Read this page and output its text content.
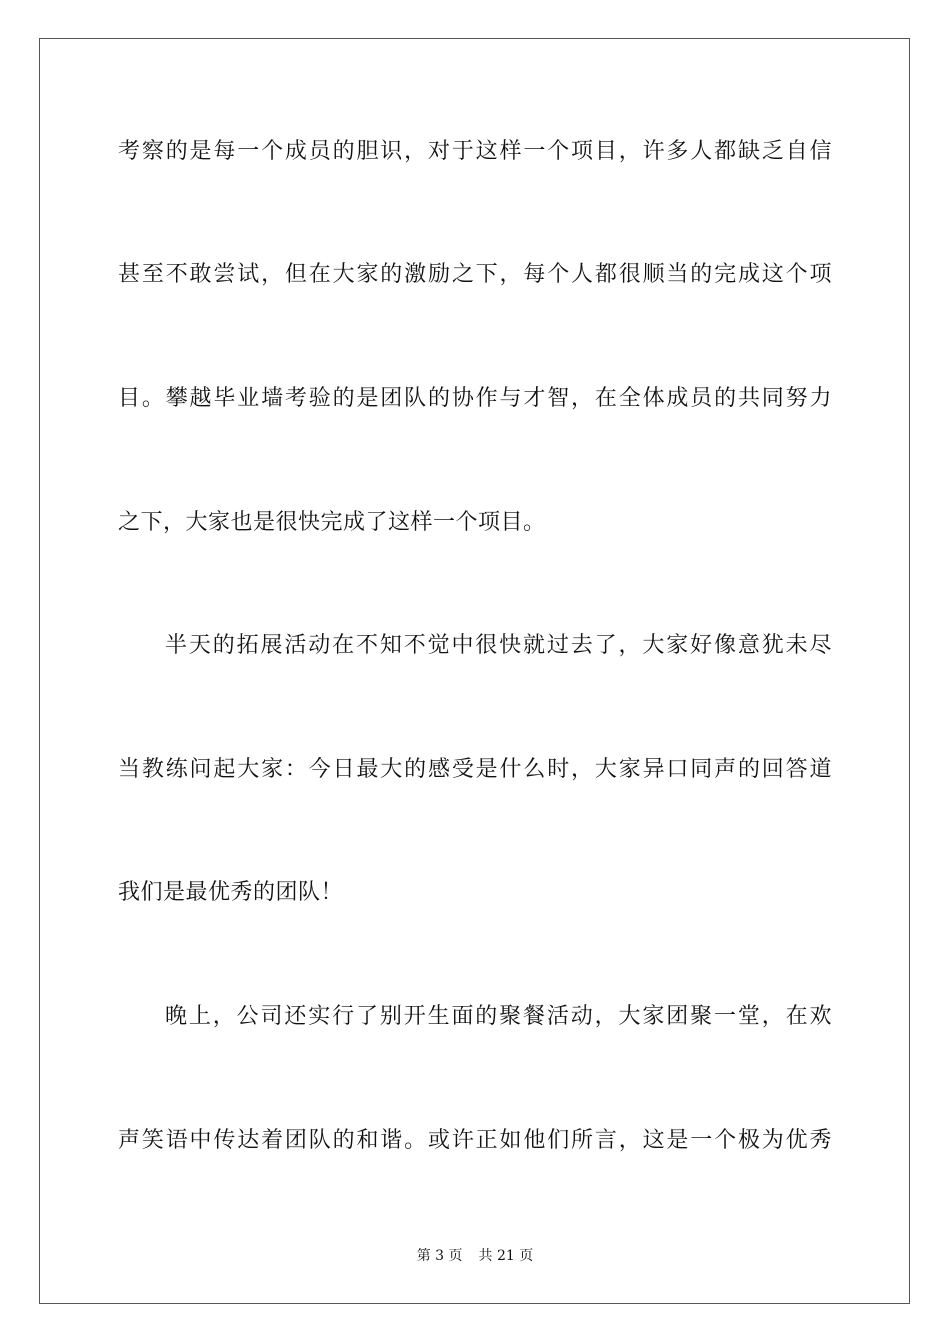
考察的是每一个成员的胆识，对于这样一个项目，许多人都缺乏自信
甚至不敢尝试，但在大家的激励之下，每个人都很顺当的完成这个项
目。攀越毕业墙考验的是团队的协作与才智，在全体成员的共同努力
之下，大家也是很快完成了这样一个项目。
半天的拓展活动在不知不觉中很快就过去了，大家好像意犹未尽
当教练问起大家：今日最大的感受是什么时，大家异口同声的回答道
我们是最优秀的团队！
晚上，公司还实行了别开生面的聚餐活动，大家团聚一堂，在欢
声笑语中传达着团队的和谐。或许正如他们所言，这是一个极为优秀
第 3 页 共 21 页
